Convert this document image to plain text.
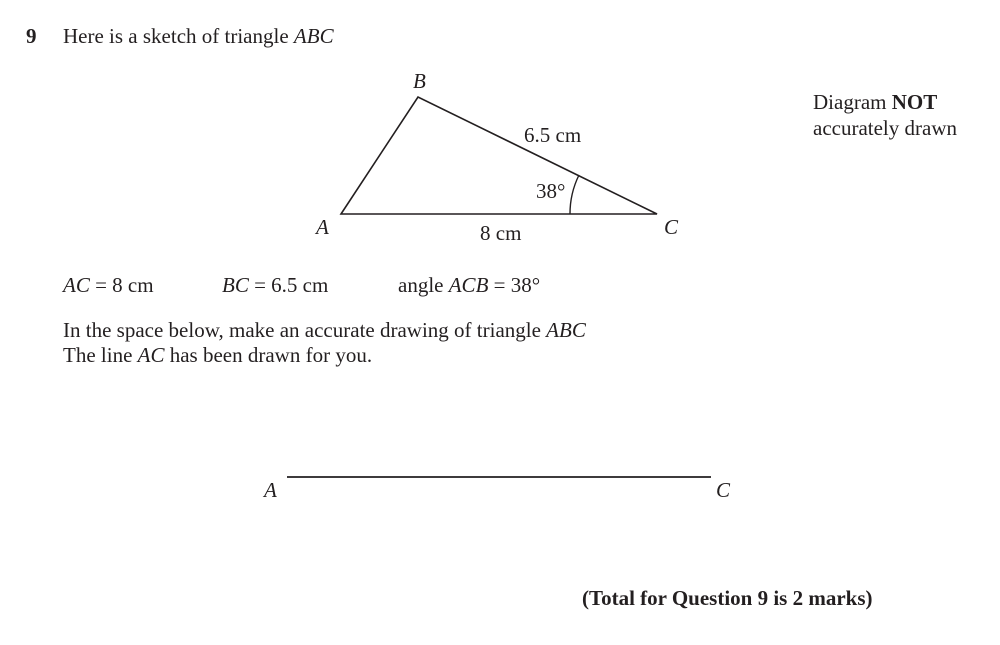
9 Here is a sketch of triangle ABC
B
A	C
6.5 cm
8 cm
38°
A	C
Diagram NOT
accurately drawn
AC = 8 cm	BC = 6.5 cm	angle ACB = 38°
In the space below, make an accurate drawing of triangle ABC
The line AC has been drawn for you.
(Total for Question 9 is 2 marks)
